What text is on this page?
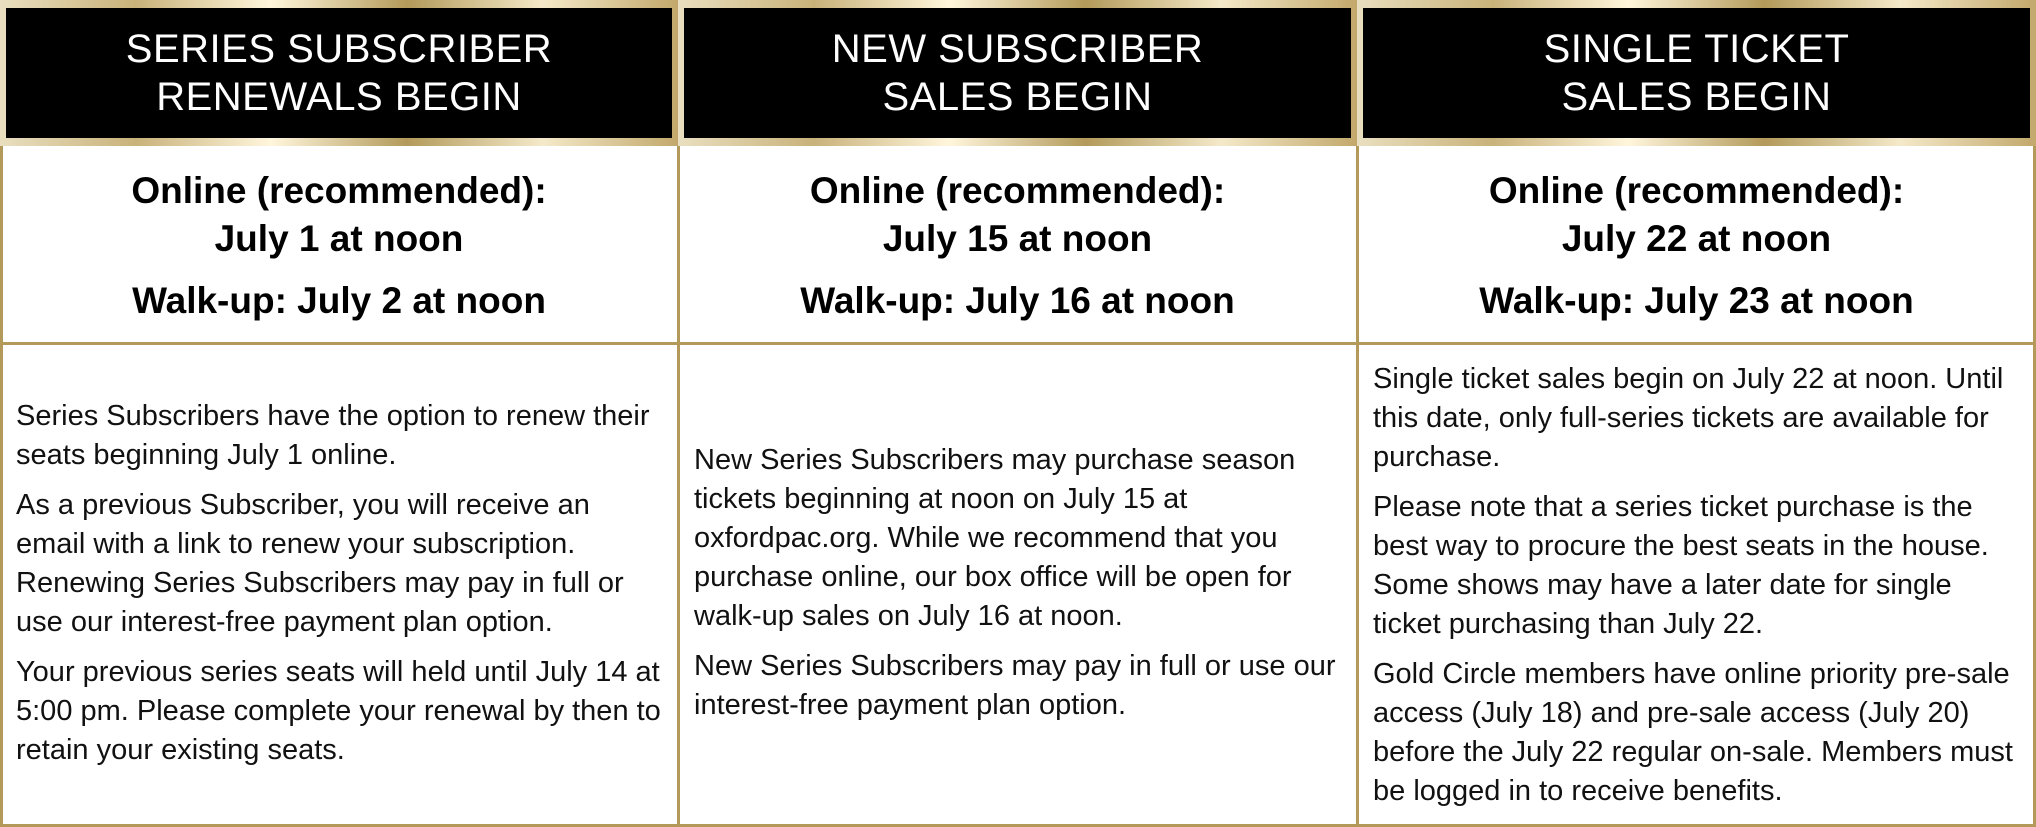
SERIES SUBSCRIBER
RENEWALS BEGIN
Online (recommended):
July 1 at noon
Walk-up: July 2 at noon

Series Subscribers have the option to renew their seats beginning July 1 online.

As a previous Subscriber, you will receive an email with a link to renew your subscription. Renewing Series Subscribers may pay in full or use our interest-free payment plan option.

Your previous series seats will held until July 14 at 5:00 pm. Please complete your renewal by then to retain your existing seats.

NEW SUBSCRIBER
SALES BEGIN
Online (recommended):
July 15 at noon
Walk-up: July 16 at noon

New Series Subscribers may purchase season tickets beginning at noon on July 15 at oxfordpac.org. While we recommend that you purchase online, our box office will be open for walk-up sales on July 16 at noon.

New Series Subscribers may pay in full or use our interest-free payment plan option.

SINGLE TICKET
SALES BEGIN
Online (recommended):
July 22 at noon
Walk-up: July 23 at noon

Single ticket sales begin on July 22 at noon. Until this date, only full-series tickets are available for purchase.

Please note that a series ticket purchase is the best way to procure the best seats in the house. Some shows may have a later date for single ticket purchasing than July 22.

Gold Circle members have online priority pre-sale access (July 18) and pre-sale access (July 20) before the July 22 regular on-sale. Members must be logged in to receive benefits.
